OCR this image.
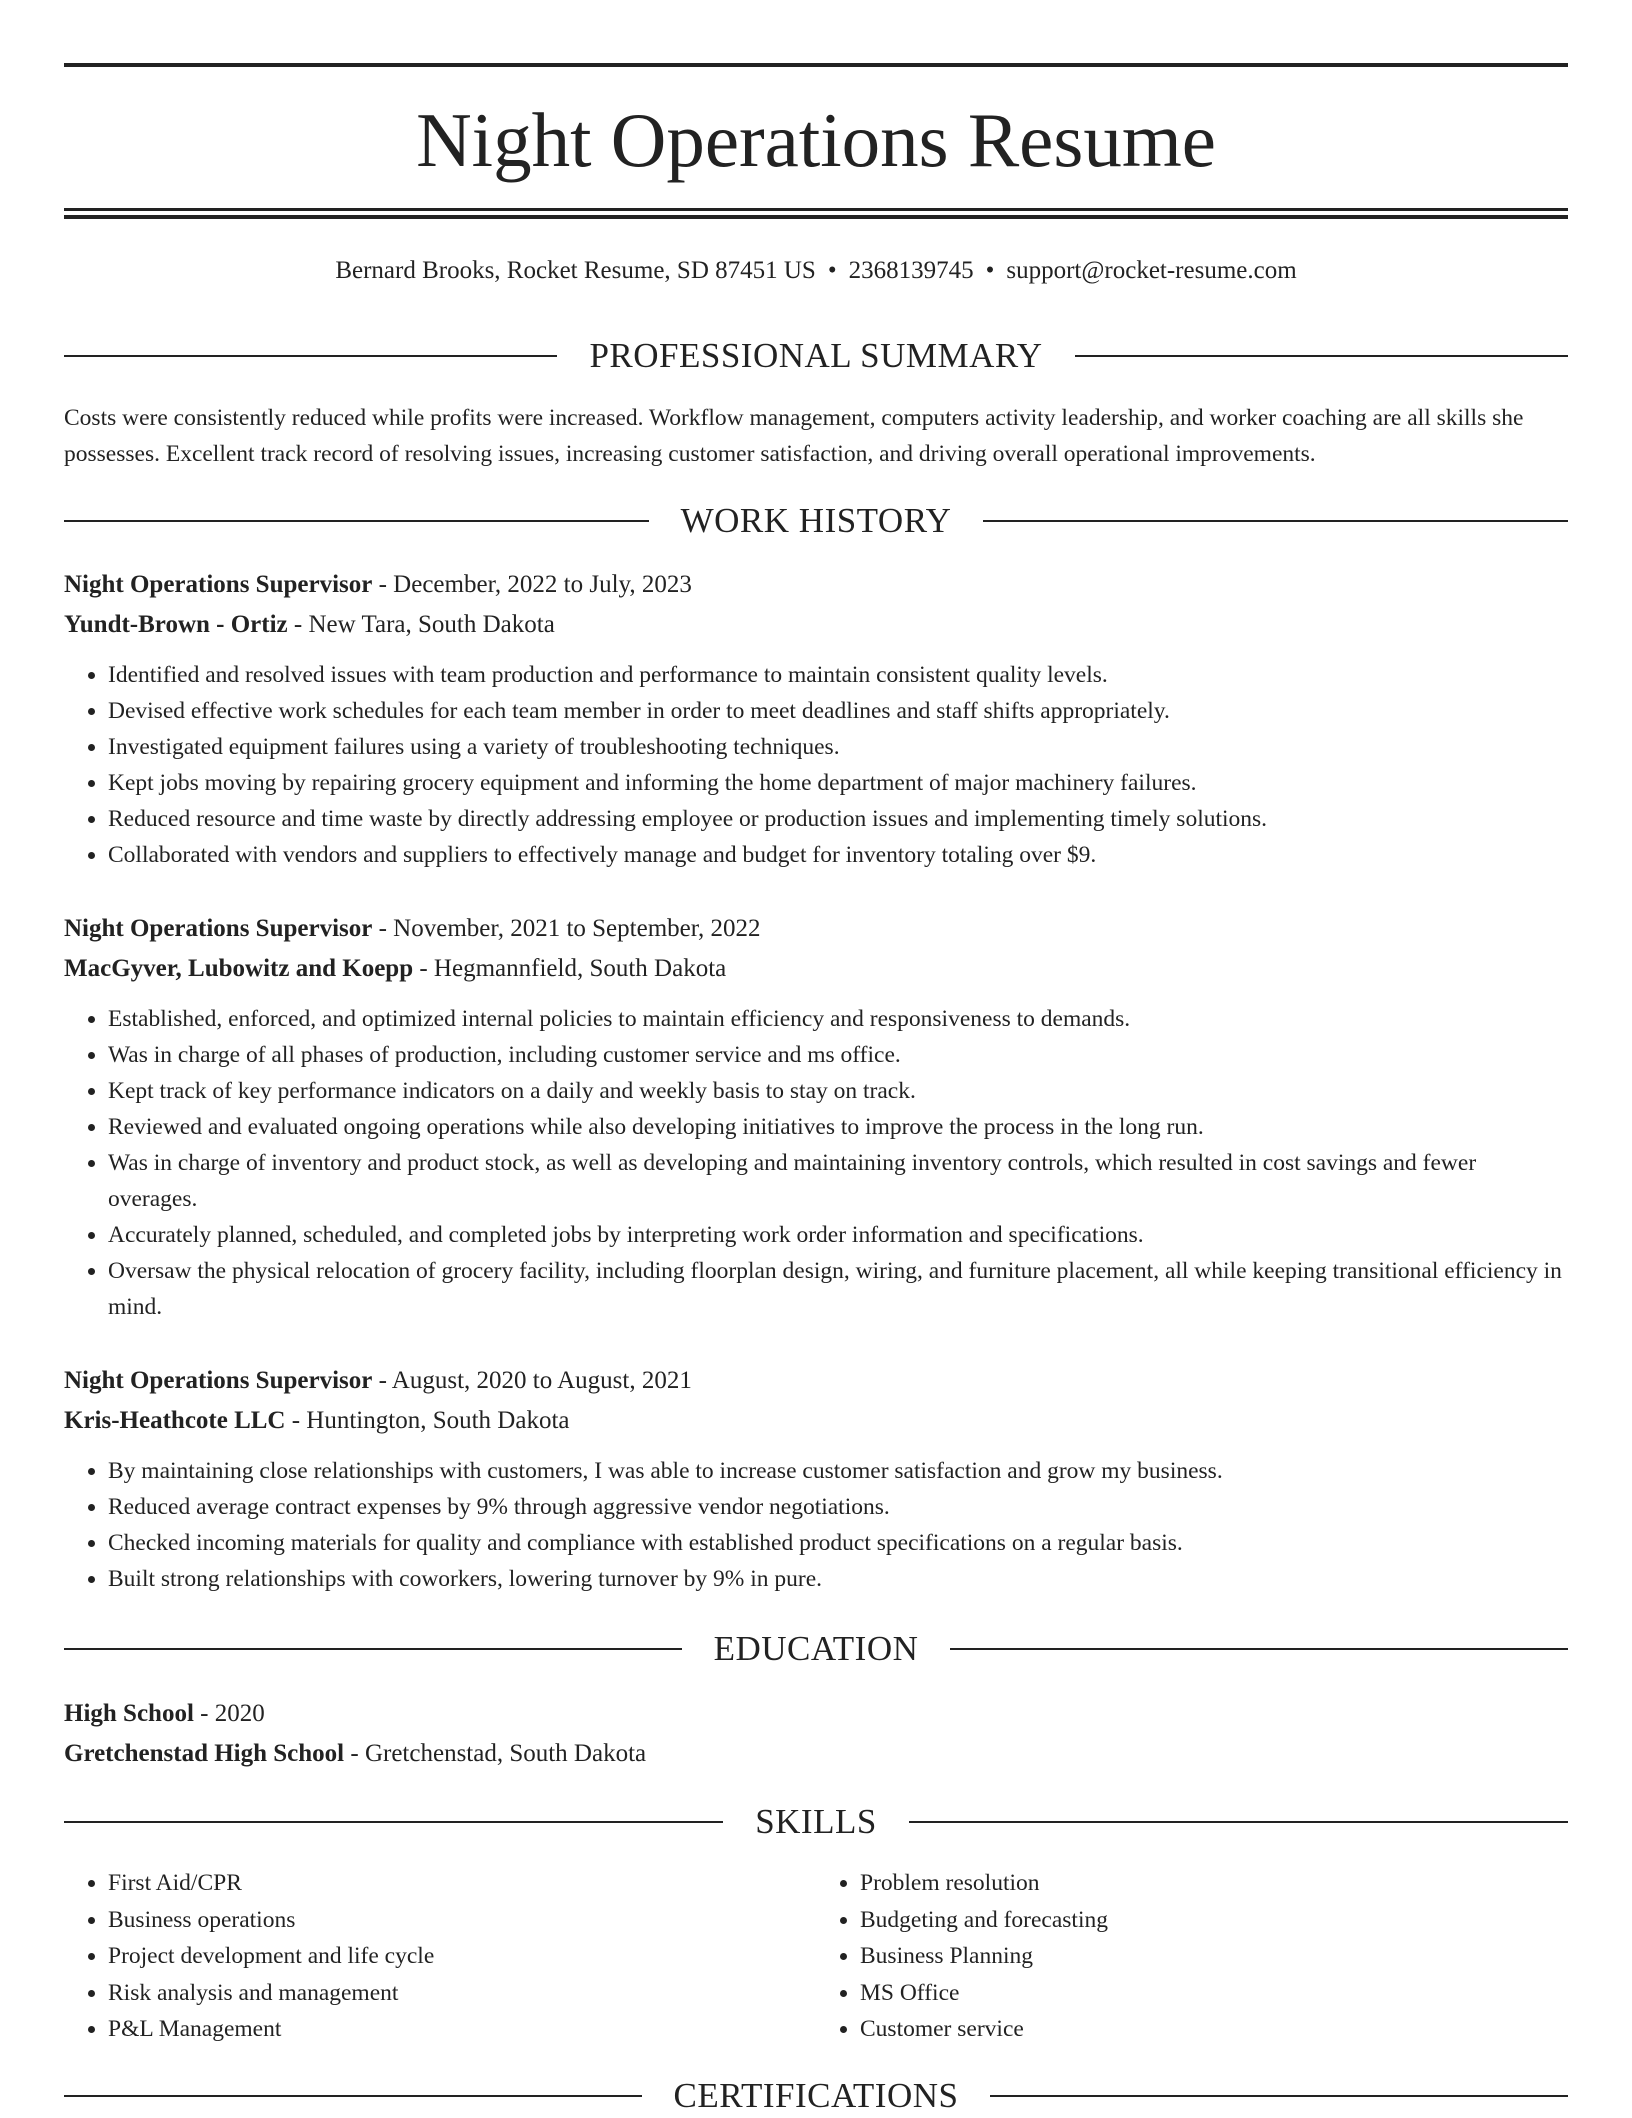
Night Operations Resume
Bernard Brooks, Rocket Resume, SD 87451 US • 2368139745 • support@rocket-resume.com
PROFESSIONAL SUMMARY

Costs were consistently reduced while profits were increased. Workflow management, computers activity leadership, and worker coaching are all skills she possesses. Excellent track record of resolving issues, increasing customer satisfaction, and driving overall operational improvements.

WORK HISTORY
Night Operations Supervisor - December, 2022 to July, 2023
Yundt-Brown - Ortiz - New Tara, South Dakota
• Identified and resolved issues with team production and performance to maintain consistent quality levels.
• Devised effective work schedules for each team member in order to meet deadlines and staff shifts appropriately.
• Investigated equipment failures using a variety of troubleshooting techniques.
• Kept jobs moving by repairing grocery equipment and informing the home department of major machinery failures.
• Reduced resource and time waste by directly addressing employee or production issues and implementing timely solutions.
• Collaborated with vendors and suppliers to effectively manage and budget for inventory totaling over $9.
Night Operations Supervisor - November, 2021 to September, 2022
MacGyver, Lubowitz and Koepp - Hegmannfield, South Dakota
• Established, enforced, and optimized internal policies to maintain efficiency and responsiveness to demands.
• Was in charge of all phases of production, including customer service and ms office.
• Kept track of key performance indicators on a daily and weekly basis to stay on track.
• Reviewed and evaluated ongoing operations while also developing initiatives to improve the process in the long run.
• Was in charge of inventory and product stock, as well as developing and maintaining inventory controls, which resulted in cost savings and fewer overages.
• Accurately planned, scheduled, and completed jobs by interpreting work order information and specifications.
• Oversaw the physical relocation of grocery facility, including floorplan design, wiring, and furniture placement, all while keeping transitional efficiency in mind.
Night Operations Supervisor - August, 2020 to August, 2021
Kris-Heathcote LLC - Huntington, South Dakota
• By maintaining close relationships with customers, I was able to increase customer satisfaction and grow my business.
• Reduced average contract expenses by 9% through aggressive vendor negotiations.
• Checked incoming materials for quality and compliance with established product specifications on a regular basis.
• Built strong relationships with coworkers, lowering turnover by 9% in pure.
EDUCATION
High School - 2020
Gretchenstad High School - Gretchenstad, South Dakota
SKILLS
• First Aid/CPR
• Business operations
• Project development and life cycle
• Risk analysis and management
• P&L Management
• Problem resolution
• Budgeting and forecasting
• Business Planning
• MS Office
• Customer service
CERTIFICATIONS
